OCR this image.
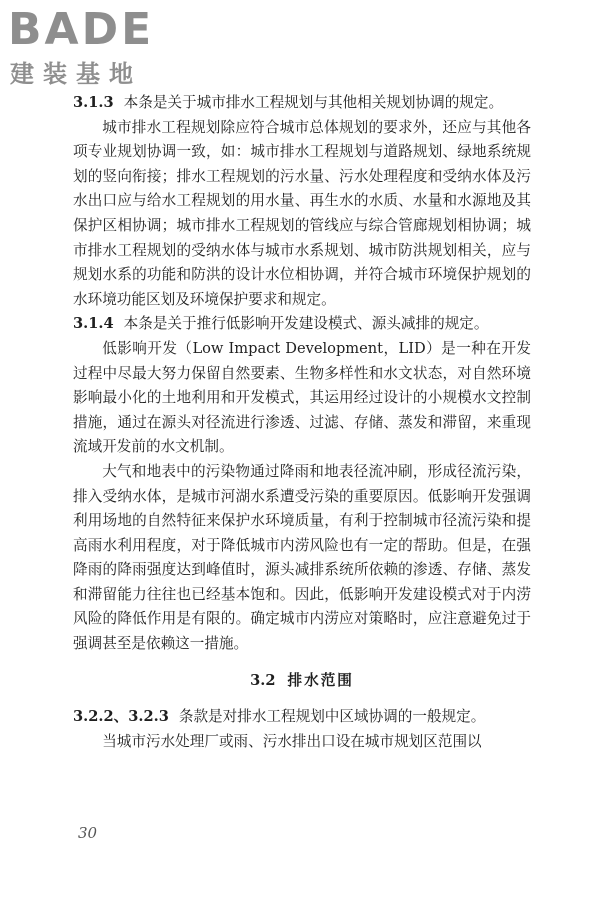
BADE
建装基地

3.1.3 本条是关于城市排水工程规划与其他相关规划协调的规定。

城市排水工程规划除应符合城市总体规划的要求外，还应与其他各项专业规划协调一致，如：城市排水工程规划与道路规划、绿地系统规划的竖向衔接；排水工程规划的污水量、污水处理程度和受纳水体及污水出口应与给水工程规划的用水量、再生水的水质、水量和水源地及其保护区相协调；城市排水工程规划的管线应与综合管廊规划相协调；城市排水工程规划的受纳水体与城市水系规划、城市防洪规划相关，应与规划水系的功能和防洪的设计水位相协调，并符合城市环境保护规划的水环境功能区划及环境保护要求和规定。

3.1.4 本条是关于推行低影响开发建设模式、源头减排的规定。

低影响开发（Low Impact Development，LID）是一种在开发过程中尽最大努力保留自然要素、生物多样性和水文状态，对自然环境影响最小化的土地利用和开发模式，其运用经过设计的小规模水文控制措施，通过在源头对径流进行渗透、过滤、存储、蒸发和滞留，来重现流域开发前的水文机制。

大气和地表中的污染物通过降雨和地表径流冲刷，形成径流污染，排入受纳水体，是城市河湖水系遭受污染的重要原因。低影响开发强调利用场地的自然特征来保护水环境质量，有利于控制城市径流污染和提高雨水利用程度，对于降低城市内涝风险也有一定的帮助。但是，在强降雨的降雨强度达到峰值时，源头减排系统所依赖的渗透、存储、蒸发和滞留能力往往也已经基本饱和。因此，低影响开发建设模式对于内涝风险的降低作用是有限的。确定城市内涝应对策略时，应注意避免过于强调甚至是依赖这一措施。

3.2 排水范围

3.2.2、3.2.3 条款是对排水工程规划中区域协调的一般规定。

当城市污水处理厂或雨、污水排出口设在城市规划区范围以

30
